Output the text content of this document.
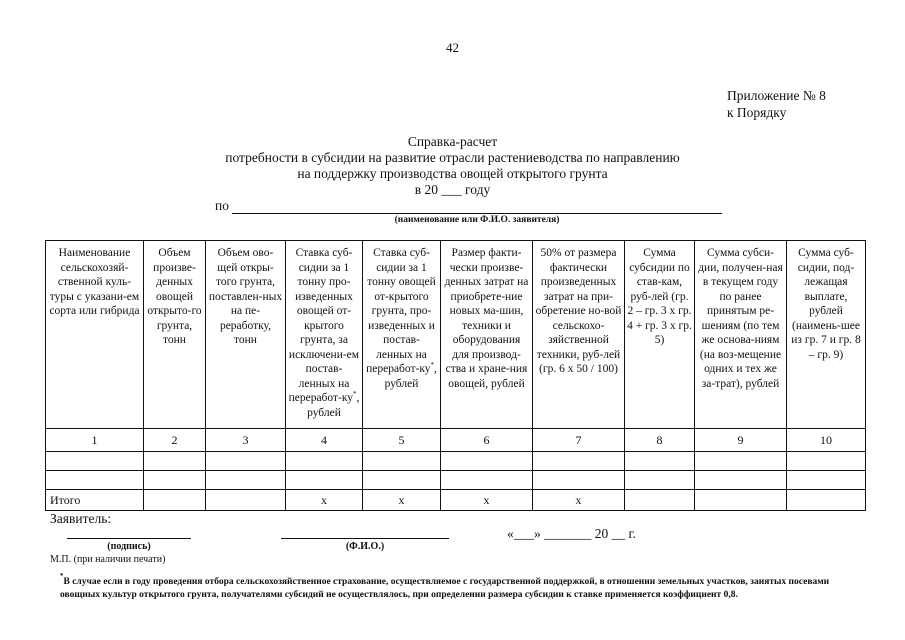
42
Приложение № 8
к Порядку
Справка-расчет
потребности в субсидии на развитие отрасли растениеводства по направлению
на поддержку производства овощей открытого грунта
в 20 ___ году
по
(наименование или Ф.И.О. заявителя)
Наименование сельскохозяй-ственной куль-туры с указани-ем сорта или гибрида	Объем произве-денных овощей открыто-го грунта, тонн	Объем ово-щей откры-того грунта, поставлен-ных на пе-реработку, тонн	Ставка суб-сидии за 1 тонну про-изведенных овощей от-крытого грунта, за исключени-ем постав-ленных на переработ-ку*, рублей	Ставка суб-сидии за 1 тонну овощей от-крытого грунта, про-изведенных и постав-ленных на переработ-ку*, рублей	Размер факти-чески произве-денных затрат на приобрете-ние новых ма-шин, техники и оборудования для производ-ства и хране-ния овощей, рублей	50% от размера фактически произведенных затрат на при-обретение но-вой сельскохо-зяйственной техники, руб-лей (гр. 6 x 50 / 100)	Сумма субсидии по став-кам, руб-лей (гр. 2 – гр. 3 x гр. 4 + гр. 3 x гр. 5)	Сумма субси-дии, получен-ная в текущем году по ранее принятым ре-шениям (по тем же основа-ниям (на воз-мещение одних и тех же за-трат), рублей	Сумма суб-сидии, под-лежащая выплате, рублей (наимень-шее из гр. 7 и гр. 8 – гр. 9)
1	2	3	4	5	6	7	8	9	10

Итого			x	x	x	x			
Заявитель:
(подпись)	(Ф.И.О.)
М.П. (при наличии печати)
«___» _______ 20 __ г.
*В случае если в году проведения отбора сельскохозяйственное страхование, осуществляемое с государственной поддержкой, в отношении земельных участков, занятых посевами овощных культур открытого грунта, получателями субсидий не осуществлялось, при определении размера субсидии к ставке применяется коэффициент 0,8.
